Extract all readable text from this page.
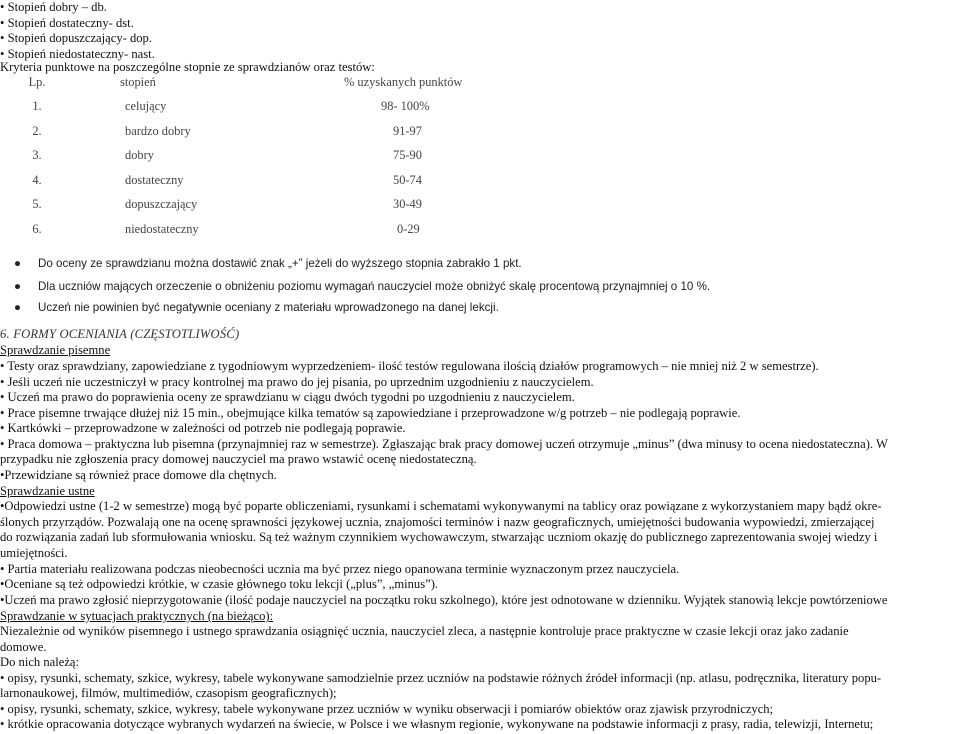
• Stopień dobry – db.
• Stopień dostateczny- dst.
• Stopień dopuszczający- dop.
• Stopień niedostateczny- nast.
Kryteria punktowe na poszczególne stopnie ze sprawdzianów oraz testów:
Lp.	stopień	% uzyskanych punktów
1.	celujący	98- 100%
2.	bardzo dobry	91-97
3.	dobry	75-90
4.	dostateczny	50-74
5.	dopuszczający	30-49
6.	niedostateczny	0-29
● Do oceny ze sprawdzianu można dostawić znak „+” jeżeli do wyższego stopnia zabrakło 1 pkt.
● Dla uczniów mających orzeczenie o obniżeniu poziomu wymagań nauczyciel może obniżyć skalę procentową przynajmniej o 10 %.
● Uczeń nie powinien być negatywnie oceniany z materiału wprowadzonego na danej lekcji.
6. FORMY OCENIANIA (CZĘSTOTLIWOŚĆ)
Sprawdzanie pisemne
• Testy oraz sprawdziany, zapowiedziane z tygodniowym wyprzedzeniem- ilość testów regulowana ilością działów programowych – nie mniej niż 2 w semestrze).
• Jeśli uczeń nie uczestniczył w pracy kontrolnej ma prawo do jej pisania, po uprzednim uzgodnieniu z nauczycielem.
• Uczeń ma prawo do poprawienia oceny ze sprawdzianu w ciągu dwóch tygodni po uzgodnieniu z nauczycielem.
• Prace pisemne trwające dłużej niż 15 min., obejmujące kilka tematów są zapowiedziane i przeprowadzone w/g potrzeb – nie podlegają poprawie.
• Kartkówki – przeprowadzone w zależności od potrzeb nie podlegają poprawie.
• Praca domowa – praktyczna lub pisemna (przynajmniej raz w semestrze). Zgłaszając brak pracy domowej uczeń otrzymuje „minus” (dwa minusy to ocena niedostateczna). W
przypadku nie zgłoszenia pracy domowej nauczyciel ma prawo wstawić ocenę niedostateczną.
•Przewidziane są również prace domowe dla chętnych.
Sprawdzanie ustne
•Odpowiedzi ustne (1-2 w semestrze) mogą być poparte obliczeniami, rysunkami i schematami wykonywanymi na tablicy oraz powiązane z wykorzystaniem mapy bądź okre-
ślonych przyrządów. Pozwalają one na ocenę sprawności językowej ucznia, znajomości terminów i nazw geograficznych, umiejętności budowania wypowiedzi, zmierzającej
do rozwiązania zadań lub sformułowania wniosku. Są też ważnym czynnikiem wychowawczym, stwarzając uczniom okazję do publicznego zaprezentowania swojej wiedzy i
umiejętności.
• Partia materiału realizowana podczas nieobecności ucznia ma być przez niego opanowana terminie wyznaczonym przez nauczyciela.
•Oceniane są też odpowiedzi krótkie, w czasie głównego toku lekcji („plus”, „minus”).
•Uczeń ma prawo zgłosić nieprzygotowanie (ilość podaje nauczyciel na początku roku szkolnego), które jest odnotowane w dzienniku. Wyjątek stanowią lekcje powtórzeniowe
Sprawdzanie w sytuacjach praktycznych (na bieżąco):
Niezależnie od wyników pisemnego i ustnego sprawdzania osiągnięć ucznia, nauczyciel zleca, a następnie kontroluje prace praktyczne w czasie lekcji oraz jako zadanie
domowe.
Do nich należą:
• opisy, rysunki, schematy, szkice, wykresy, tabele wykonywane samodzielnie przez uczniów na podstawie różnych źródeł informacji (np. atlasu, podręcznika, literatury popu-
larnonaukowej, filmów, multimediów, czasopism geograficznych);
• opisy, rysunki, schematy, szkice, wykresy, tabele wykonywane przez uczniów w wyniku obserwacji i pomiarów obiektów oraz zjawisk przyrodniczych;
• krótkie opracowania dotyczące wybranych wydarzeń na świecie, w Polsce i we własnym regionie, wykonywane na podstawie informacji z prasy, radia, telewizji, Internetu;
